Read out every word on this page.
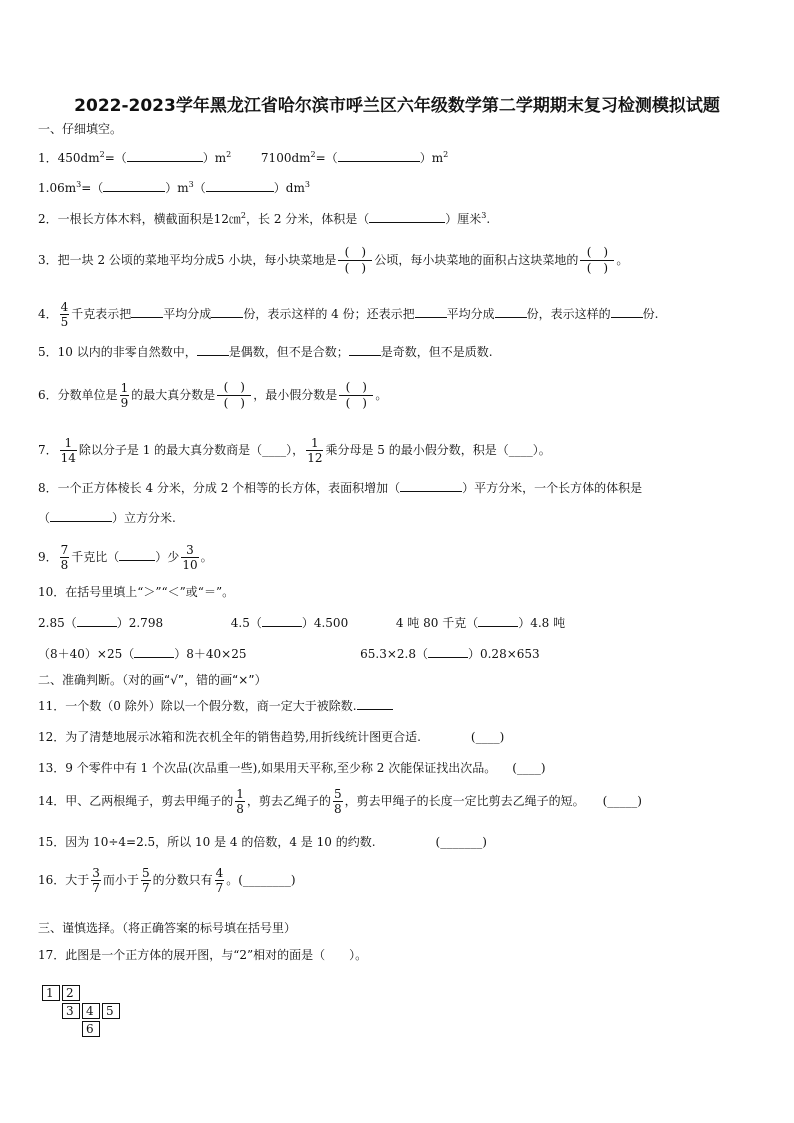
2022-2023学年黑龙江省哈尔滨市呼兰区六年级数学第二学期期末复习检测模拟试题
一、仔细填空。
1．$450dm^2=$（	）$m^2$ $7100dm^2=$（	）$m^2$
$1.06m^3=$（	）$m^3$（	）$dm^3$
2．一根长方体木料，横截面积是12㎝$^2$，长 2 分米，体积是（	）厘米$^3$.
3．把一块 2 公顷的菜地平均分成5 小块，每小块菜地是
(　)
(　)
公顷，每小块菜地的面积占这块菜地的
(　)
(　)
。
4． $\frac{4}{5}$ 千克表示把	平均分成	份，表示这样的 4 份；还表示把	平均分成	份，表示这样的	份.
5．10 以内的非零自然数中，	是偶数，但不是合数；	是奇数，但不是质数.
6．分数单位是 $\frac{1}{9}$ 的最大真分数是
(　)
(　)
，最小假分数是
(　)
(　)
。
7． $\frac{1}{14}$ 除以分子是 1 的最大真分数商是（____）， $\frac{1}{12}$ 乘分母是 5 的最小假分数，积是（____）。
8．一个正方体棱长 4 分米，分成 2 个相等的长方体，表面积增加（	）平方分米，一个长方体的体积是
（	）立方分米.
9． $\frac{7}{8}$ 千克比（	）少 $\frac{3}{10}$ 。
10．在括号里填上“＞”“＜”或“＝”。
2.85（	）2.798	4.5（	）4.500	4 吨 80 千克（	）4.8 吨
（8＋40）×25（	）8＋40×25	65.3×2.8（	）0.28×653
二、准确判断。（对的画“√”，错的画“×”）
11．一个数（0 除外）除以一个假分数，商一定大于被除数.
12．为了清楚地展示冰箱和洗衣机全年的销售趋势,用折线统计图更合适.	(____)
13．9 个零件中有 1 个次品(次品重一些),如果用天平称,至少称 2 次能保证找出次品。 (____)
14．甲、乙两根绳子，剪去甲绳子的 $\frac{1}{8}$ ，剪去乙绳子的 $\frac{5}{8}$ ，剪去甲绳子的长度一定比剪去乙绳子的短。 (_____)
15．因为 10÷4=2.5，所以 10 是 4 的倍数，4 是 10 的约数.	(_______)
16．大于 $\frac{3}{7}$ 而小于 $\frac{5}{7}$ 的分数只有 $\frac{4}{7}$ 。(________)
三、谨慎选择。（将正确答案的标号填在括号里）
17．此图是一个正方体的展开图，与“2”相对的面是（　　）。
1	2
3	4	5
6
